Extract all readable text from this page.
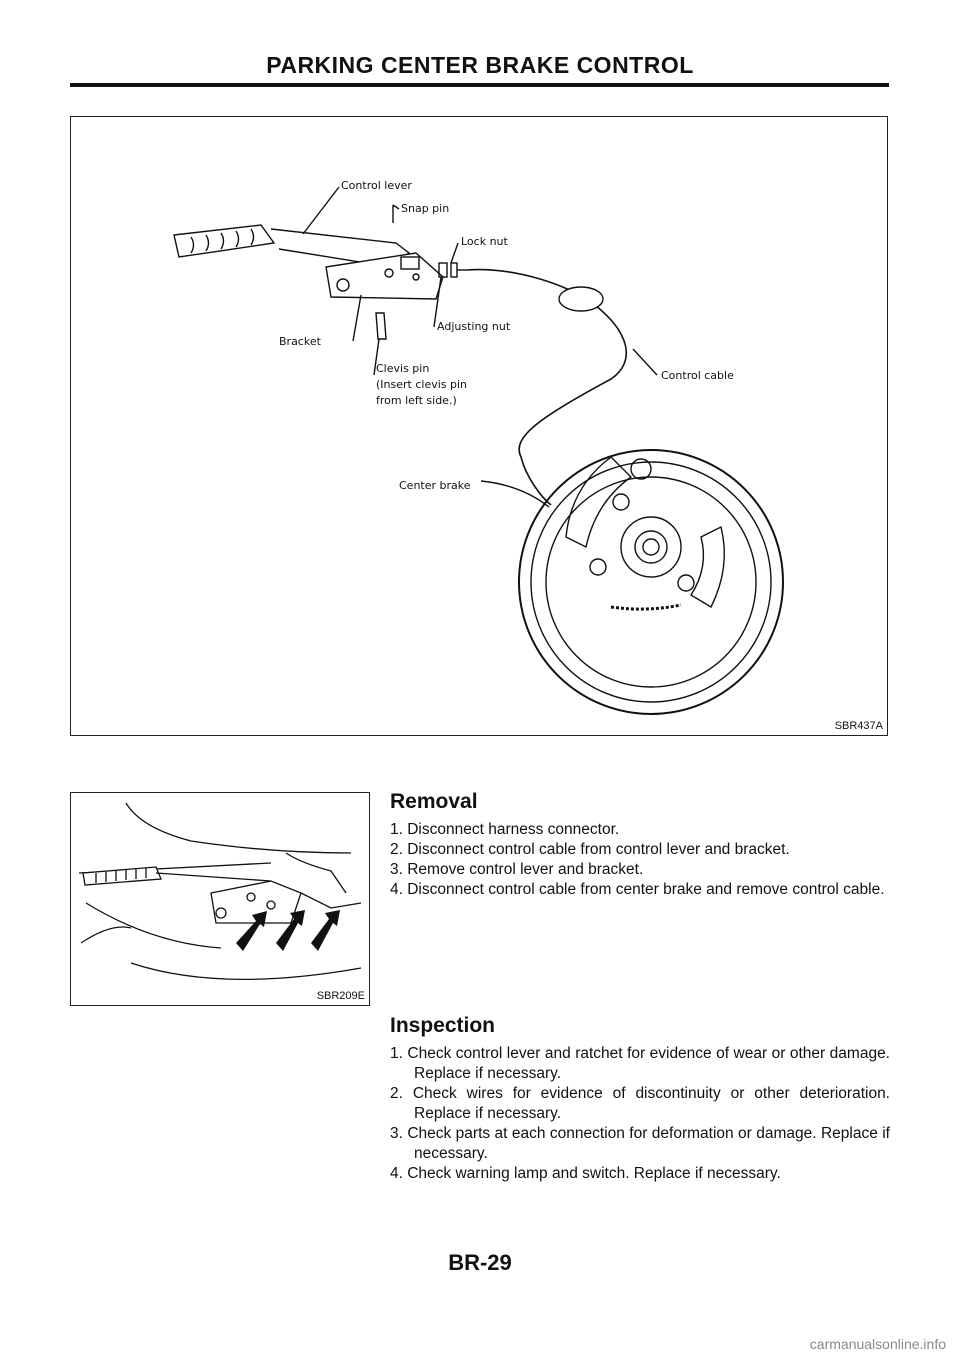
PARKING CENTER BRAKE CONTROL
Control lever
Snap pin
Lock nut
Bracket
Adjusting nut
Clevis pin
(Insert clevis pin
from left side.)
Control cable
Center brake
SBR437A
SBR209E
Removal
1. Disconnect harness connector.
2. Disconnect control cable from control lever and bracket.
3. Remove control lever and bracket.
4. Disconnect control cable from center brake and remove control cable.
Inspection
1. Check control lever and ratchet for evidence of wear or other damage. Replace if necessary.
2. Check wires for evidence of discontinuity or other deterioration. Replace if necessary.
3. Check parts at each connection for deformation or damage. Replace if necessary.
4. Check warning lamp and switch. Replace if necessary.
BR-29
carmanualsonline.info
